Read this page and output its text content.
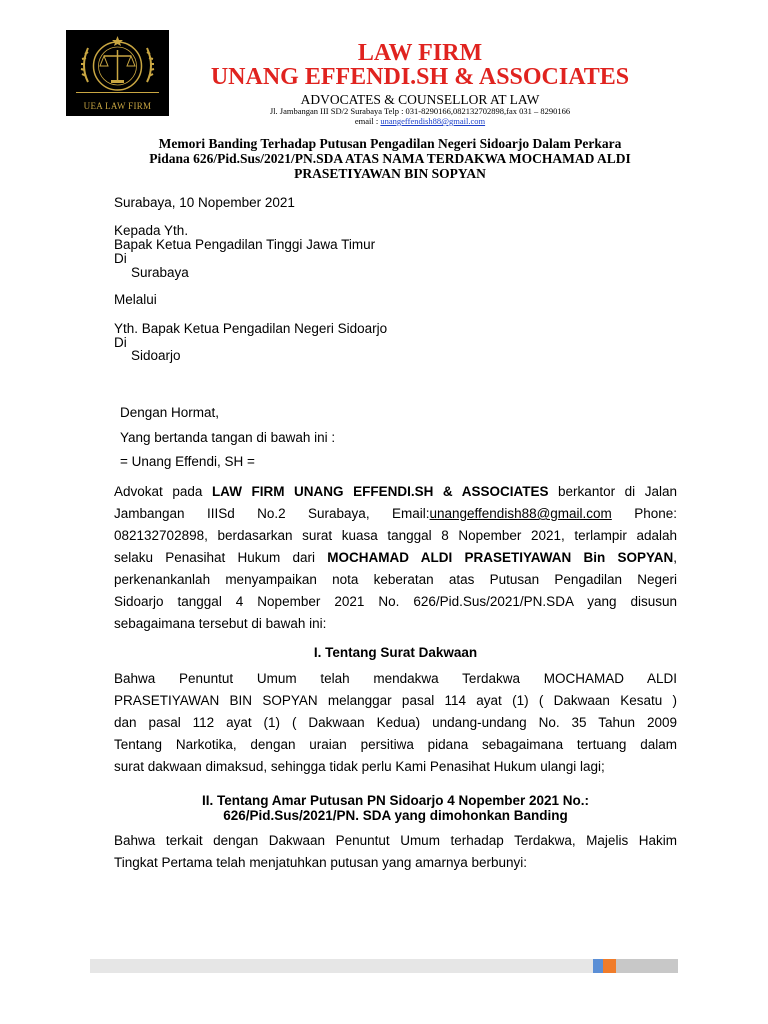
UEA LAW FIRM
LAW FIRM
UNANG EFFENDI.SH & ASSOCIATES
ADVOCATES & COUNSELLOR AT LAW
Jl. Jambangan III SD/2 Surabaya Telp : 031-8290166,082132702898,fax 031 – 8290166
email : unangeffendish88@gmail.com
Memori Banding Terhadap Putusan Pengadilan Negeri Sidoarjo Dalam Perkara
Pidana 626/Pid.Sus/2021/PN.SDA ATAS NAMA TERDAKWA MOCHAMAD ALDI
PRASETIYAWAN BIN SOPYAN
Surabaya, 10 Nopember 2021
Kepada Yth.
Bapak Ketua Pengadilan Tinggi Jawa Timur
Di
Surabaya
Melalui
Yth. Bapak Ketua Pengadilan Negeri Sidoarjo
Di
Sidoarjo
Dengan Hormat,
Yang bertanda tangan di bawah ini :
= Unang Effendi, SH =
Advokat pada LAW FIRM UNANG EFFENDI.SH & ASSOCIATES berkantor di Jalan
Jambangan IIISd No.2 Surabaya, Email:unangeffendish88@gmail.com Phone:
082132702898, berdasarkan surat kuasa tanggal 8 Nopember 2021, terlampir adalah
selaku Penasihat Hukum dari MOCHAMAD ALDI PRASETIYAWAN Bin SOPYAN,
perkenankanlah menyampaikan nota keberatan atas Putusan Pengadilan Negeri
Sidoarjo tanggal 4 Nopember 2021 No. 626/Pid.Sus/2021/PN.SDA yang disusun
sebagaimana tersebut di bawah ini:
I. Tentang Surat Dakwaan
Bahwa Penuntut Umum telah mendakwa Terdakwa MOCHAMAD ALDI
PRASETIYAWAN BIN SOPYAN melanggar pasal 114 ayat (1) ( Dakwaan Kesatu )
dan pasal 112 ayat (1) ( Dakwaan Kedua) undang-undang No. 35 Tahun 2009
Tentang Narkotika, dengan uraian persitiwa pidana sebagaimana tertuang dalam
surat dakwaan dimaksud, sehingga tidak perlu Kami Penasihat Hukum ulangi lagi;
II. Tentang Amar Putusan PN Sidoarjo 4 Nopember 2021 No.:
626/Pid.Sus/2021/PN. SDA yang dimohonkan Banding
Bahwa terkait dengan Dakwaan Penuntut Umum terhadap Terdakwa, Majelis Hakim
Tingkat Pertama telah menjatuhkan putusan yang amarnya berbunyi:
